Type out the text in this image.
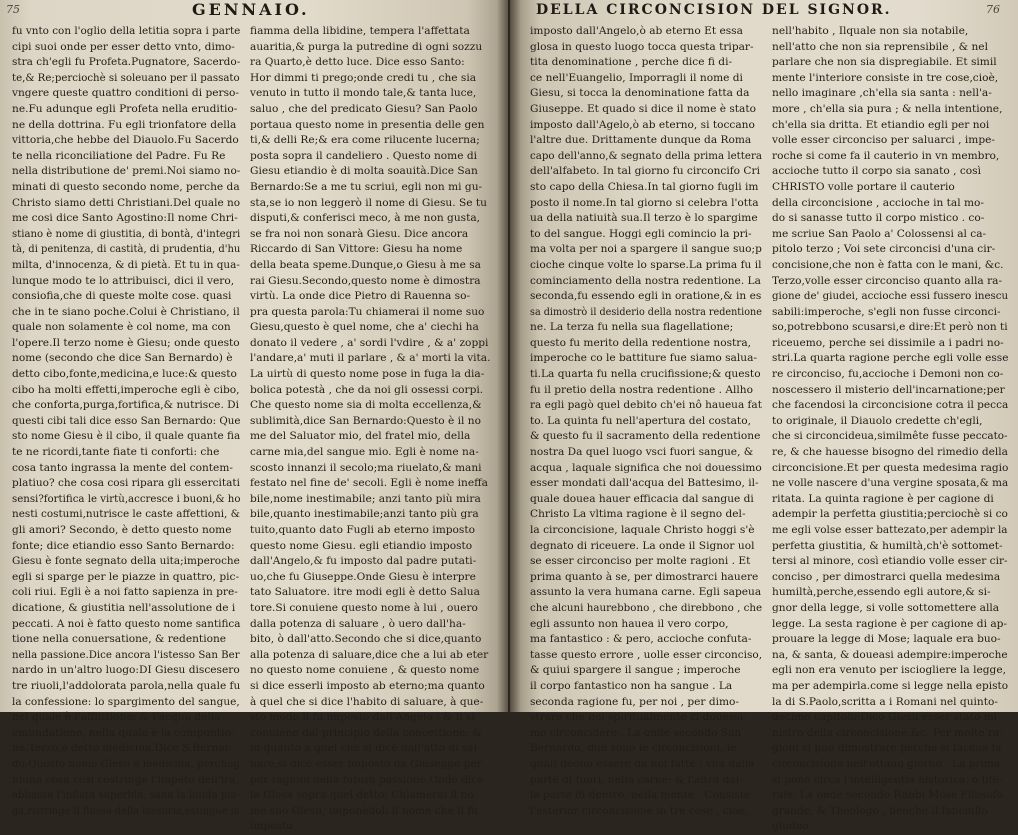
75	GENNAIO.
fu vnto con l'oglio della letitia sopra i parte
cipi suoi onde per esser detto vnto, dimo-
stra ch'egli fu Profeta.Pugnatore, Sacerdo-
te,& Re;perciochè si soleuano per il passato
vngere queste quattro conditioni di perso-
ne.Fu adunque egli Profeta nella eruditio-
ne della dottrina. Fu egli trionfatore della
vittoria,che hebbe del Diauolo.Fu Sacerdo
te nella riconciliatione del Padre. Fu Re
nella distributione de' premi.Noi siamo no-
minati di questo secondo nome, perche da
Christo siamo detti Christiani.Del quale no
me cosi dice Santo Agostino:Il nome Chri-
stiano è nome di giustitia, di bontà, d'integri
tà, di penitenza, di castità, di prudentia, d'hu
milta, d'innocenza, & di pietà. Et tu in qua-
lunque modo te lo attribuisci, dici il vero,
consiofia,che di queste molte cose. quasi
che in te siano poche.Colui è Christiano, il
quale non solamente è col nome, ma con
l'opere.Il terzo nome è Giesu; onde questo
nome (secondo che dice San Bernardo) è
detto cibo,fonte,medicina,e luce:& questo
cibo ha molti effetti,imperoche egli è cibo,
che conforta,purga,fortifica,& nutrisce. Di
questi cibi tali dice esso San Bernardo: Que
sto nome Giesu è il cibo, il quale quante fia
te ne ricordi,tante fiate ti conforti: che
cosa tanto ingrassa la mente del contem-
platiuo? che cosa cosi ripara gli essercitati
sensi?fortifica le virtù,accresce i buoni,& ho
nesti costumi,nutrisce le caste affettioni, &
gli amori? Secondo, è detto questo nome
fonte; dice etiandio esso Santo Bernardo:
Giesu è fonte segnato della uita;imperoche
egli si sparge per le piazze in quattro, pic-
coli riui. Egli è a noi fatto sapienza in pre-
dicatione, & giustitia nell'assolutione de i
peccati. A noi è fatto questo nome santifica
tione nella conuersatione, & redentione
nella passione.Dice ancora l'istesso San Ber
nardo in un'altro luogo:DI Giesu discesero
tre riuoli,l'addolorata parola,nella quale fu
la confessione: lo spargimento del sangue,
nel quale è l'afflittione: & l'acqua della
emundatione, nella quale è la compuntio-
ne.Terzo,è detto medicina.Dice S.Bernar-
do:Questo nome Giesu è medicina, percheg
niuna cosa cosi costringe l'impeto dell'ira,
abbassa l'infiata superbia, sana la liuida pia-
ga,ristringe il flusso della lussuria,estingue la
fiamma della libidine, tempera l'affettata
auaritia,& purga la putredine di ogni sozzu
ra Quarto,è detto luce. Dice esso Santo:
Hor dimmi ti prego;onde credi tu , che sia
venuto in tutto il mondo tale,& tanta luce,
saluo , che del predicato Giesu? San Paolo
portaua questo nome in presentia delle gen
ti,& delli Re;& era come rilucente lucerna;
posta sopra il candeliero . Questo nome di
Giesu etiandio è di molta soauità.Dice San
Bernardo:Se a me tu scriui, egli non mi gu-
sta,se io non leggerò il nome di Giesu. Se tu
disputi,& conferisci meco, à me non gusta,
se fra noi non sonarà Giesu. Dice ancora
Riccardo di San Vittore: Giesu ha nome
della beata speme.Dunque,o Giesu à me sa
rai Giesu.Secondo,questo nome è dimostra
virtù. La onde dice Pietro di Rauenna so-
pra questa parola:Tu chiamerai il nome suo
Giesu,questo è quel nome, che a' ciechi ha
donato il vedere , a' sordi l'vdire , & a' zoppi
l'andare,a' muti il parlare , & a' morti la vita.
La uirtù di questo nome pose in fuga la dia-
bolica potestà , che da noi gli ossessi corpi.
Che questo nome sia di molta eccellenza,&
sublimità,dice San Bernardo:Questo è il no
me del Saluator mio, del fratel mio, della
carne mia,del sangue mio. Egli è nome na-
scosto innanzi il secolo;ma riuelato,& mani
festato nel fine de' secoli. Egli è nome ineffa
bile,nome inestimabile; anzi tanto più mira
bile,quanto inestimabile;anzi tanto più gra
tuito,quanto dato Fugli ab eterno imposto
questo nome Giesu. egli etiandio imposto
dall'Angelo,& fu imposto dal padre putati-
uo,che fu Giuseppe.Onde Giesu è interpre
tato Saluatore. itre modi egli è detto Salua
tore.Si conuiene questo nome à lui , ouero
dalla potenza di saluare , ò uero dall'ha-
bito, ò dall'atto.Secondo che si dice,quanto
alla potenza di saluare,dice che a lui ab eter
no questo nome conuiene , & questo nome
si dice esserli imposto ab eterno;ma quanto
à quel che si dice l'habito di saluare, à que-
sto modo li fu imposto dall'Angelo ; & li si
conuiene dal principio della concettione: &
in quanto à quel che si dice dall'atto di sal-
uare,si dice esser imposto da Giuseppe per
per ragioni della futura passione.Onde dice
la Glosa sopra quel detto: Chiamerai il no
me suo Giesu, imponèdoli il nome che li fù
imposto
DELLA CIRCONCISION DEL SIGNOR.	76
imposto dall'Angelo,ò ab eterno Et essa
glosa in questo luogo tocca questa tripar-
tita denominatione , perche dice fi di-
ce nell'Euangelio, Imporragli il nome di
Giesu, si tocca la denominatione fatta da
Giuseppe. Et quado si dice il nome è stato
imposto dall'Agelo,ò ab eterno, si toccano
l'altre due. Drittamente dunque da Roma
capo dell'anno,& segnato della prima lettera
dell'alfabeto. In tal giorno fu circoncifo Cri
sto capo della Chiesa.In tal giorno fugli im
posto il nome.In tal giorno si celebra l'otta
ua della natiuità sua.Il terzo è lo spargime
to del sangue. Hoggi egli comincio la pri-
ma volta per noi a spargere il sangue suo;p
cioche cinque volte lo sparse.La prima fu il
cominciamento della nostra redentione. La
seconda,fu essendo egli in oratione,& in es
sa dimostrò il desiderio della nostra redentione
ne. La terza fu nella sua flagellatione;
questo fu merito della redentione nostra,
imperoche co le battiture fue siamo salua-
ti.La quarta fu nella crucifissione;& questo
fu il pretio della nostra redentione . Allho
ra egli pagò quel debito ch'ei nô haueua fat
to. La quinta fu nell'apertura del costato,
& questo fu il sacramento della redentione
nostra Da quel luogo vsci fuori sangue, &
acqua , laquale significa che noi douessimo
esser mondati dall'acqua del Battesimo, il-
quale douea hauer efficacia dal sangue di
Christo La vltima ragione è il segno del-
la circoncisione, laquale Christo hoggi s'è
degnato di riceuere. La onde il Signor uol
se esser circonciso per molte ragioni . Et
prima quanto à se, per dimostrarci hauere
assunto la vera humana carne. Egli sapeua
che alcuni haurebbono , che direbbono , che
egli assunto non hauea il vero corpo,
ma fantastico : & pero, accioche confuta-
tasse questo errore , uolle esser circonciso,
& quiui spargere il sangue ; imperoche
il corpo fantastico non ha sangue . La
seconda ragione fu, per noi , per dimo-
strare che noi spiritualmente ci douessi-
mo circoncidere . La onde secondo San
Bernardo, due sono le circoncisioni, le-
quali deono essere da noi fatte ; vna dalla
parte di fuori, nella carne; & l'altra dal-
la parte di dentro, nella mente . Consiste
l'esterior circoncisione in tre cose , cioe,
nell'habito , Ilquale non sia notabile,
nell'atto che non sia reprensibile , & nel
parlare che non sia dispregiabile. Et simil
mente l'interiore consiste in tre cose,cioè,
nello imaginare ,ch'ella sia santa : nell'a-
more , ch'ella sia pura ; & nella intentione,
ch'ella sia dritta. Et etiandio egli per noi
volle esser circonciso per saluarci , impe-
roche si come fa il cauterio in vn membro,
accioche tutto il corpo sia sanato , così
CHRISTO volle portare il cauterio
della circoncisione , accioche in tal mo-
do si sanasse tutto il corpo mistico . co-
me scriue San Paolo a' Colossensi al ca-
pitolo terzo ; Voi sete circoncisi d'una cir-
concisione,che non è fatta con le mani, &c.
Terzo,volle esser circonciso quanto alla ra-
gione de' giudei, accioche essi fussero inescu
sabili:imperoche, s'egli non fusse circonci-
so,potrebbono scusarsi,e dire:Et però non ti
riceuemo, perche sei dissimile a i padri no-
stri.La quarta ragione perche egli volle esse
re circonciso, fu,accioche i Demoni non co-
noscessero il misterio dell'incarnatione;per
che facendosi la circoncisione cotra il pecca
to originale, il Diauolo credette ch'egli,
che si circoncideua,similmête fusse peccato-
re, & che hauesse bisogno del rimedio della
circoncisione.Et per questa medesima ragio
ne volle nascere d'una vergine sposata,& ma
ritata. La quinta ragione è per cagione di
adempir la perfetta giustitia;perciochè si co
me egli volse esser battezato,per adempir la
perfetta giustitia, & humiltà,ch'è sottomet-
tersi al minore, così etiandio volle esser cir-
conciso , per dimostrarci quella medesima
humiltà,perche,essendo egli autore,& si-
gnor della legge, si volle sottomettere alla
legge. La sesta ragione è per cagione di ap-
prouare la legge di Mose; laquale era buo-
na, & santa, & doueasi adempire:imperoche
egli non era venuto per isciogliere la legge,
ma per adempirla.come si legge nella episto
la di S.Paolo,scritta a i Romani nel quinto-
decimo capitolo:Dico Giesu esser stato mi-
nistro della circoncisione,&c. Per molte ra-
gioni si può dimostrare perche si faceua la
circoncisione nell'ottauo giorno . La prima
si pone circa l'intelligentia historica, o lite-
rale. La onde secondo Rabbi Mose Filosofo
grande, & Theologo , benche il fanciullo
giudeo
